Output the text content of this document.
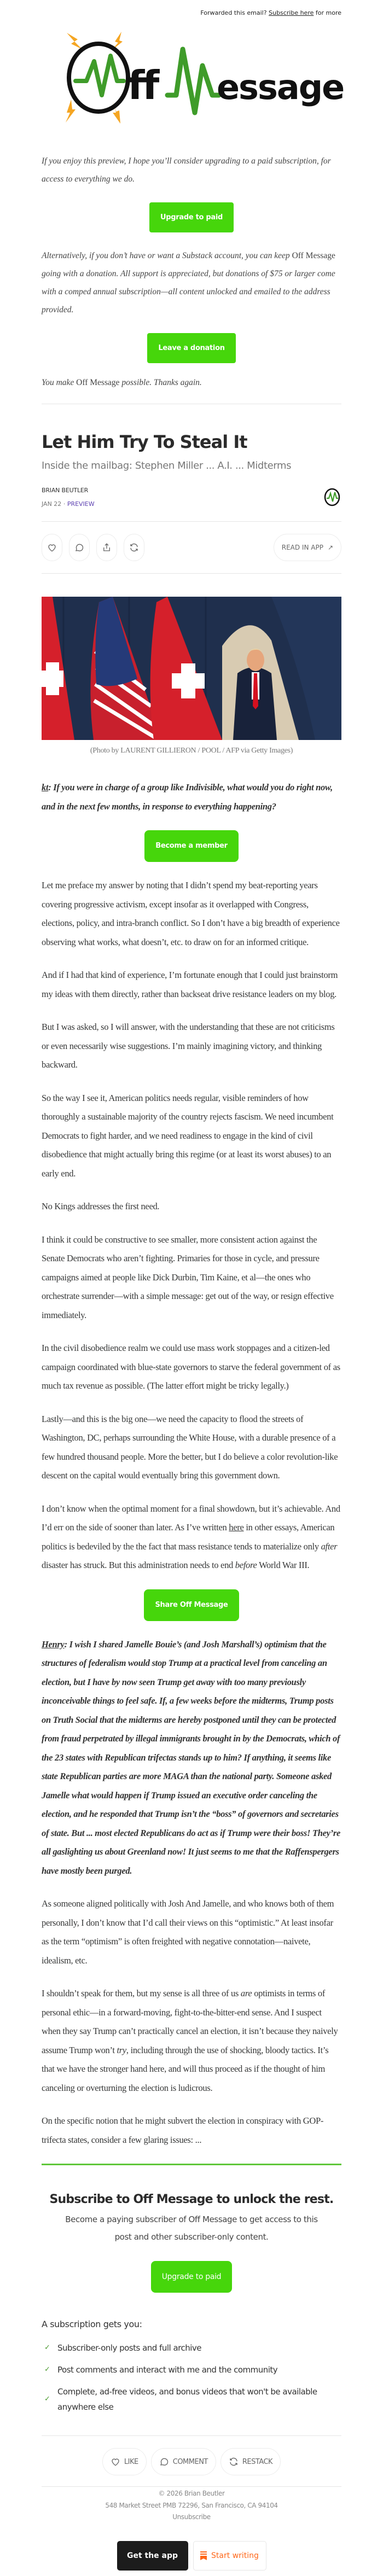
Forwarded this email? Subscribe here for more
ff essage

If you enjoy this preview, I hope you’ll consider upgrading to a paid subscription, for access to everything we do.

Upgrade to paid

Alternatively, if you don’t have or want a Substack account, you can keep Off Message going with a donation. All support is appreciated, but donations of $75 or larger come with a comped annual subscription—all content unlocked and emailed to the address provided.

Leave a donation

You make Off Message possible. Thanks again.

Let Him Try To Steal It
Inside the mailbag: Stephen Miller ... A.I. ... Midterms
BRIAN BEUTLER
JAN 22 · PREVIEW

READ IN APP ↗
(Photo by LAURENT GILLIERON / POOL / AFP via Getty Images)

kt: If you were in charge of a group like Indivisible, what would you do right now, and in the next few months, in response to everything happening?

Become a member

Let me preface my answer by noting that I didn’t spend my beat-reporting years covering progressive activism, except insofar as it overlapped with Congress, elections, policy, and intra-branch conflict. So I don’t have a big breadth of experience observing what works, what doesn’t, etc. to draw on for an informed critique.

And if I had that kind of experience, I’m fortunate enough that I could just brainstorm my ideas with them directly, rather than backseat drive resistance leaders on my blog.

But I was asked, so I will answer, with the understanding that these are not criticisms or even necessarily wise suggestions. I’m mainly imagining victory, and thinking backward.

So the way I see it, American politics needs regular, visible reminders of how thoroughly a sustainable majority of the country rejects fascism. We need incumbent Democrats to fight harder, and we need readiness to engage in the kind of civil disobedience that might actually bring this regime (or at least its worst abuses) to an early end.

No Kings addresses the first need.

I think it could be constructive to see smaller, more consistent action against the Senate Democrats who aren’t fighting. Primaries for those in cycle, and pressure campaigns aimed at people like Dick Durbin, Tim Kaine, et al—the ones who orchestrate surrender—with a simple message: get out of the way, or resign effective immediately.

In the civil disobedience realm we could use mass work stoppages and a citizen-led campaign coordinated with blue-state governors to starve the federal government of as much tax revenue as possible. (The latter effort might be tricky legally.)

Lastly—and this is the big one—we need the capacity to flood the streets of Washington, DC, perhaps surrounding the White House, with a durable presence of a few hundred thousand people. More the better, but I do believe a color revolution-like descent on the capital would eventually bring this government down.

I don’t know when the optimal moment for a final showdown, but it’s achievable. And I’d err on the side of sooner than later. As I’ve written here in other essays, American politics is bedeviled by the the fact that mass resistance tends to materialize only after disaster has struck. But this administration needs to end before World War III.

Share Off Message

Henry: I wish I shared Jamelle Bouie’s (and Josh Marshall’s) optimism that the structures of federalism would stop Trump at a practical level from canceling an election, but I have by now seen Trump get away with too many previously inconceivable things to feel safe. If, a few weeks before the midterms, Trump posts on Truth Social that the midterms are hereby postponed until they can be protected from fraud perpetrated by illegal immigrants brought in by the Democrats, which of the 23 states with Republican trifectas stands up to him? If anything, it seems like state Republican parties are more MAGA than the national party. Someone asked Jamelle what would happen if Trump issued an executive order canceling the election, and he responded that Trump isn’t the “boss” of governors and secretaries of state. But ... most elected Republicans do act as if Trump were their boss! They’re all gaslighting us about Greenland now! It just seems to me that the Raffenspergers have mostly been purged.

As someone aligned politically with Josh And Jamelle, and who knows both of them personally, I don’t know that I’d call their views on this “optimistic.” At least insofar as the term “optimism” is often freighted with negative connotation—naivete, idealism, etc.

I shouldn’t speak for them, but my sense is all three of us are optimists in terms of personal ethic—in a forward-moving, fight-to-the-bitter-end sense. And I suspect when they say Trump can’t practically cancel an election, it isn’t because they naively assume Trump won’t try, including through the use of shocking, bloody tactics. It’s that we have the stronger hand here, and will thus proceed as if the thought of him canceling or overturning the election is ludicrous.

On the specific notion that he might subvert the election in conspiracy with GOP-trifecta states, consider a few glaring issues: ...

Subscribe to Off Message to unlock the rest.
Become a paying subscriber of Off Message to get access to this post and other subscriber-only content.
Upgrade to paid
A subscription gets you:
✓ Subscriber-only posts and full archive
✓ Post comments and interact with me and the community
✓
Complete, ad-free videos, and bonus videos that won't be available anywhere else
LIKE	COMMENT	RESTACK
© 2026 Brian Beutler
548 Market Street PMB 72296, San Francisco, CA 94104
Unsubscribe
Get the app	Start writing
